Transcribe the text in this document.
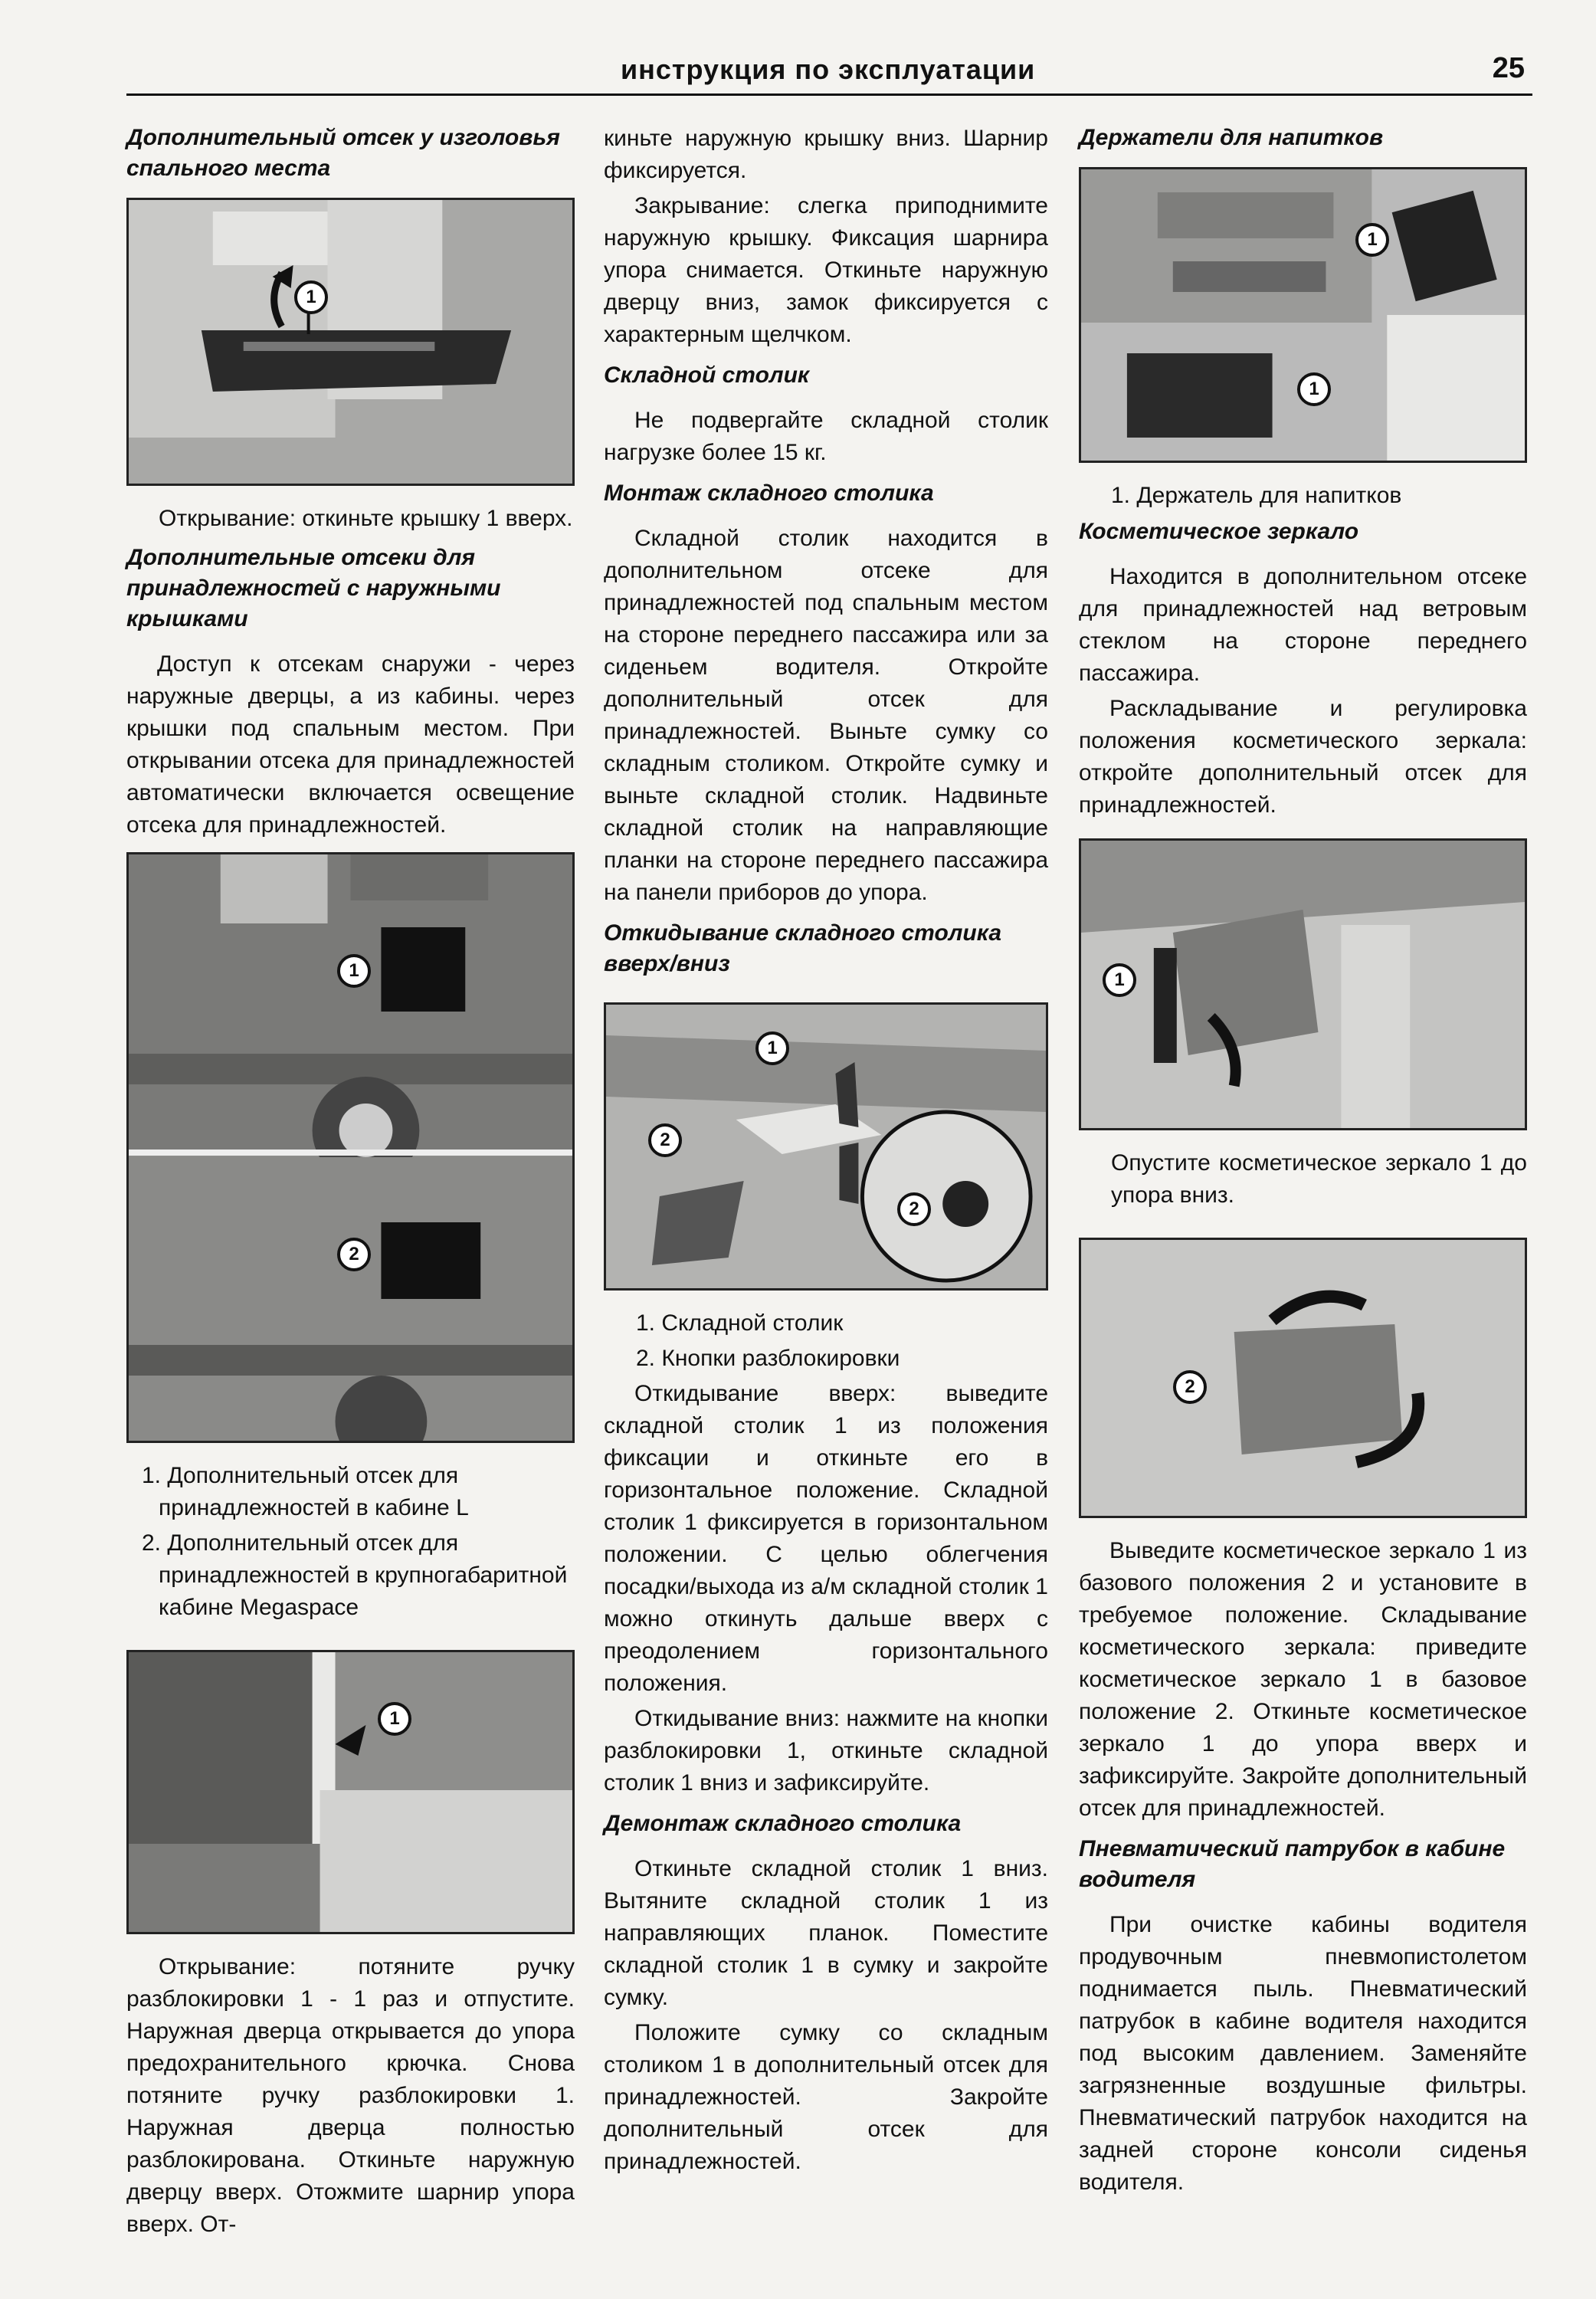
инструкция по эксплуатации	25
Дополнительный отсек у изголовья спального места
1
Открывание: откиньте крышку 1 вверх.
Дополнительные отсеки для принадлежностей с наружными крышками
Доступ к отсекам снаружи - через наружные дверцы, а из кабины. через крышки под спальным местом. При открывании отсека для принадлежностей автоматически включается освещение отсека для принадлежностей.
1
2
1. Дополнительный отсек для принадлежностей в кабине L
2. Дополнительный отсек для принадлежностей в крупногабаритной кабине Megaspace
1
Открывание: потяните ручку разблокировки 1 - 1 раз и отпустите. Наружная дверца открывается до упора предохранительного крючка. Снова потяните ручку разблокировки 1. Наружная дверца полностью разблокирована. Откиньте наружную дверцу вверх. Отожмите шарнир упора вверх. От-
киньте наружную крышку вниз. Шарнир фиксируется.
Закрывание: слегка приподнимите наружную крышку. Фиксация шарнира упора снимается. Откиньте наружную дверцу вниз, замок фиксируется с характерным щелчком.
Складной столик
Не подвергайте складной столик нагрузке более 15 кг.
Монтаж складного столика
Складной столик находится в дополнительном отсеке для принадлежностей под спальным местом на стороне переднего пассажира или за сиденьем водителя. Откройте дополнительный отсек для принадлежностей. Выньте сумку со складным столиком. Откройте сумку и выньте складной столик. Надвиньте складной столик на направляющие планки на стороне переднего пассажира на панели приборов до упора.
Откидывание складного столика вверх/вниз
1
2
2
1. Складной столик
2. Кнопки разблокировки
Откидывание вверх: выведите складной столик 1 из положения фиксации и откиньте его в горизонтальное положение. Складной столик 1 фиксируется в горизонтальном положении. С целью облегчения посадки/выхода из а/м складной столик 1 можно откинуть дальше вверх с преодолением горизонтального положения.
Откидывание вниз: нажмите на кнопки разблокировки 1, откиньте складной столик 1 вниз и зафиксируйте.
Демонтаж складного столика
Откиньте складной столик 1 вниз. Вытяните складной столик 1 из направляющих планок. Поместите складной столик 1 в сумку и закройте сумку.
Положите сумку со складным столиком 1 в дополнительный отсек для принадлежностей. Закройте дополнительный отсек для принадлежностей.
Держатели для напитков
1
1
1. Держатель для напитков
Косметическое зеркало
Находится в дополнительном отсеке для принадлежностей над ветровым стеклом на стороне переднего пассажира.
Раскладывание и регулировка положения косметического зеркала: откройте дополнительный отсек для принадлежностей.
1
Опустите косметическое зеркало 1 до упора вниз.
2
Выведите косметическое зеркало 1 из базового положения 2 и установите в требуемое положение. Складывание косметического зеркала: приведите косметическое зеркало 1 в базовое положение 2. Откиньте косметическое зеркало 1 до упора вверх и зафиксируйте. Закройте дополнительный отсек для принадлежностей.
Пневматический патрубок в кабине водителя
При очистке кабины водителя продувочным пневмопистолетом поднимается пыль. Пневматический патрубок в кабине водителя находится под высоким давлением. Заменяйте загрязненные воздушные фильтры. Пневматический патрубок находится на задней стороне консоли сиденья водителя.
